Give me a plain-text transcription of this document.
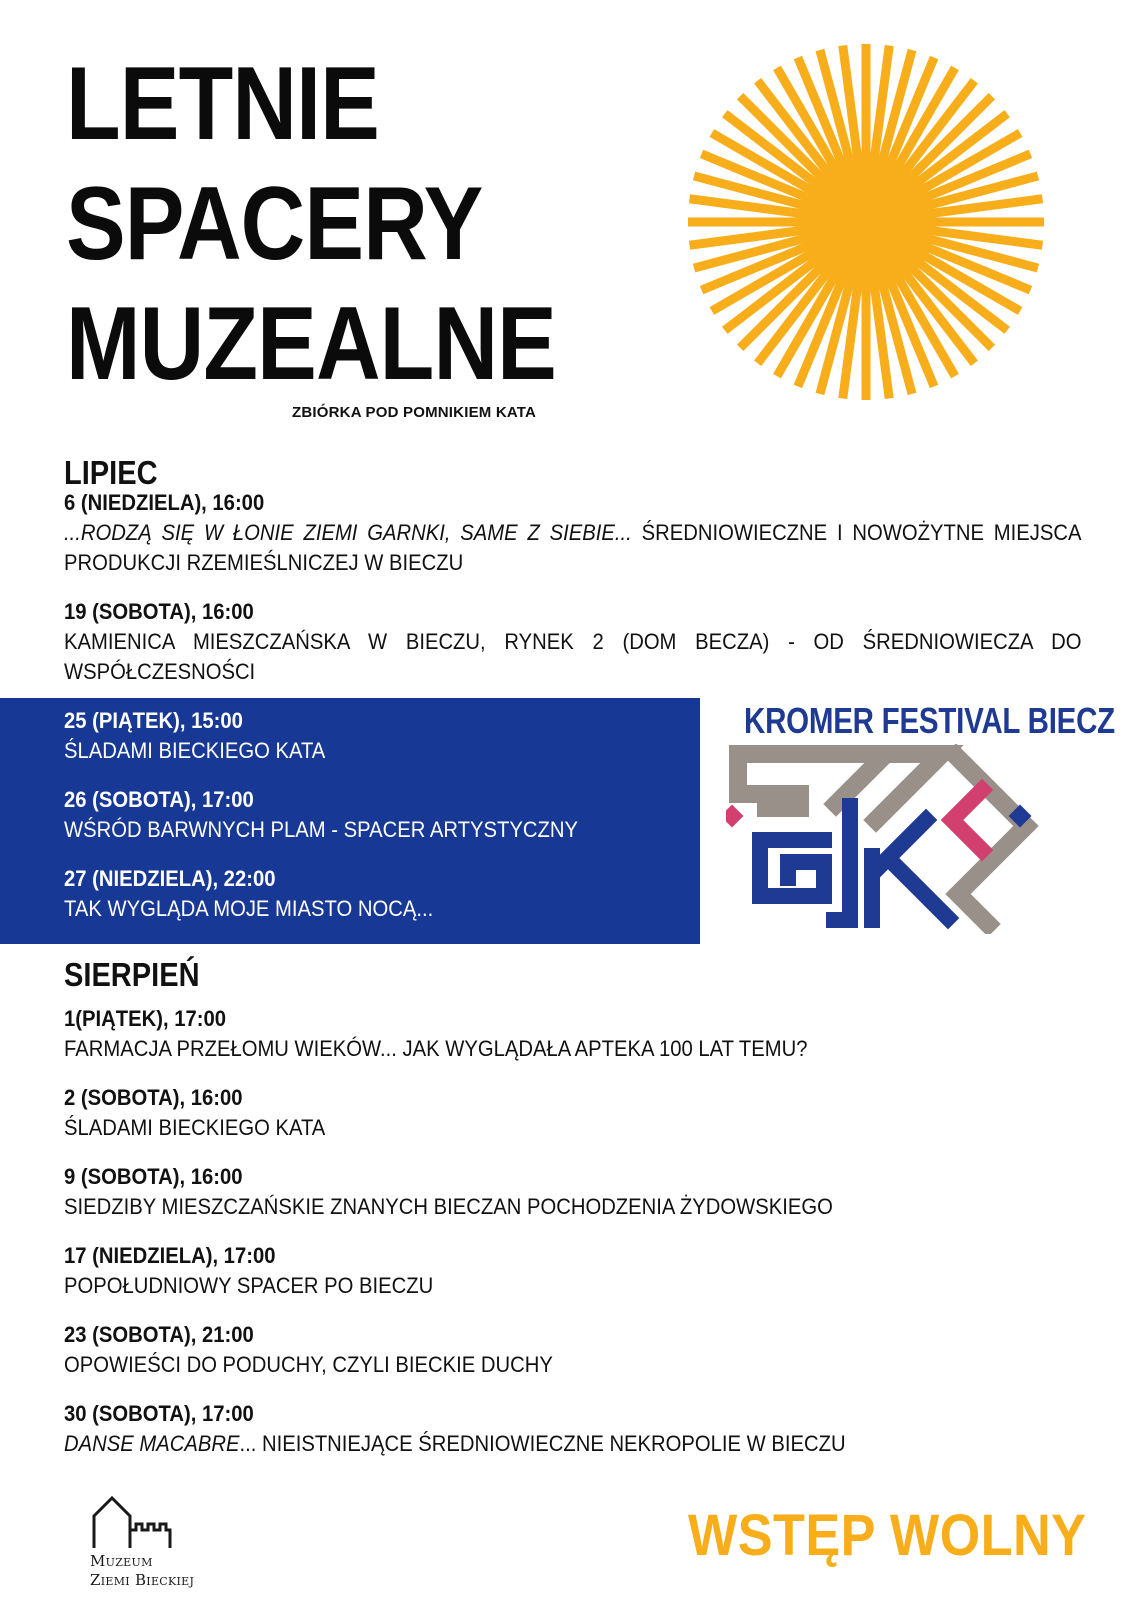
LETNIE
SPACERY
MUZEALNE
ZBIÓRKA POD POMNIKIEM KATA
LIPIEC
6 (NIEDZIELA), 16:00
...RODZĄ SIĘ W ŁONIE ZIEMI GARNKI, SAME Z SIEBIE... ŚREDNIOWIECZNE I NOWOŻYTNE MIEJSCA PRODUKCJI RZEMIEŚLNICZEJ W BIECZU
19 (SOBOTA), 16:00
KAMIENICA MIESZCZAŃSKA W BIECZU, RYNEK 2 (DOM BECZA) - OD ŚREDNIOWIECZA DO WSPÓŁCZESNOŚCI
25 (PIĄTEK), 15:00
ŚLADAMI BIECKIEGO KATA
26 (SOBOTA), 17:00
WŚRÓD BARWNYCH PLAM - SPACER ARTYSTYCZNY
27 (NIEDZIELA), 22:00
TAK WYGLĄDA MOJE MIASTO NOCĄ...
KROMER FESTIVAL BIECZ
SIERPIEŃ
1(PIĄTEK), 17:00
FARMACJA PRZEŁOMU WIEKÓW... JAK WYGLĄDAŁA APTEKA 100 LAT TEMU?
2 (SOBOTA), 16:00
ŚLADAMI BIECKIEGO KATA
9 (SOBOTA), 16:00
SIEDZIBY MIESZCZAŃSKIE ZNANYCH BIECZAN POCHODZENIA ŻYDOWSKIEGO
17 (NIEDZIELA), 17:00
POPOŁUDNIOWY SPACER PO BIECZU
23 (SOBOTA), 21:00
OPOWIEŚCI DO PODUCHY, CZYLI BIECKIE DUCHY
30 (SOBOTA), 17:00
DANSE MACABRE... NIEISTNIEJĄCE ŚREDNIOWIECZNE NEKROPOLIE W BIECZU
Muzeum
Ziemi Bieckiej
WSTĘP WOLNY
